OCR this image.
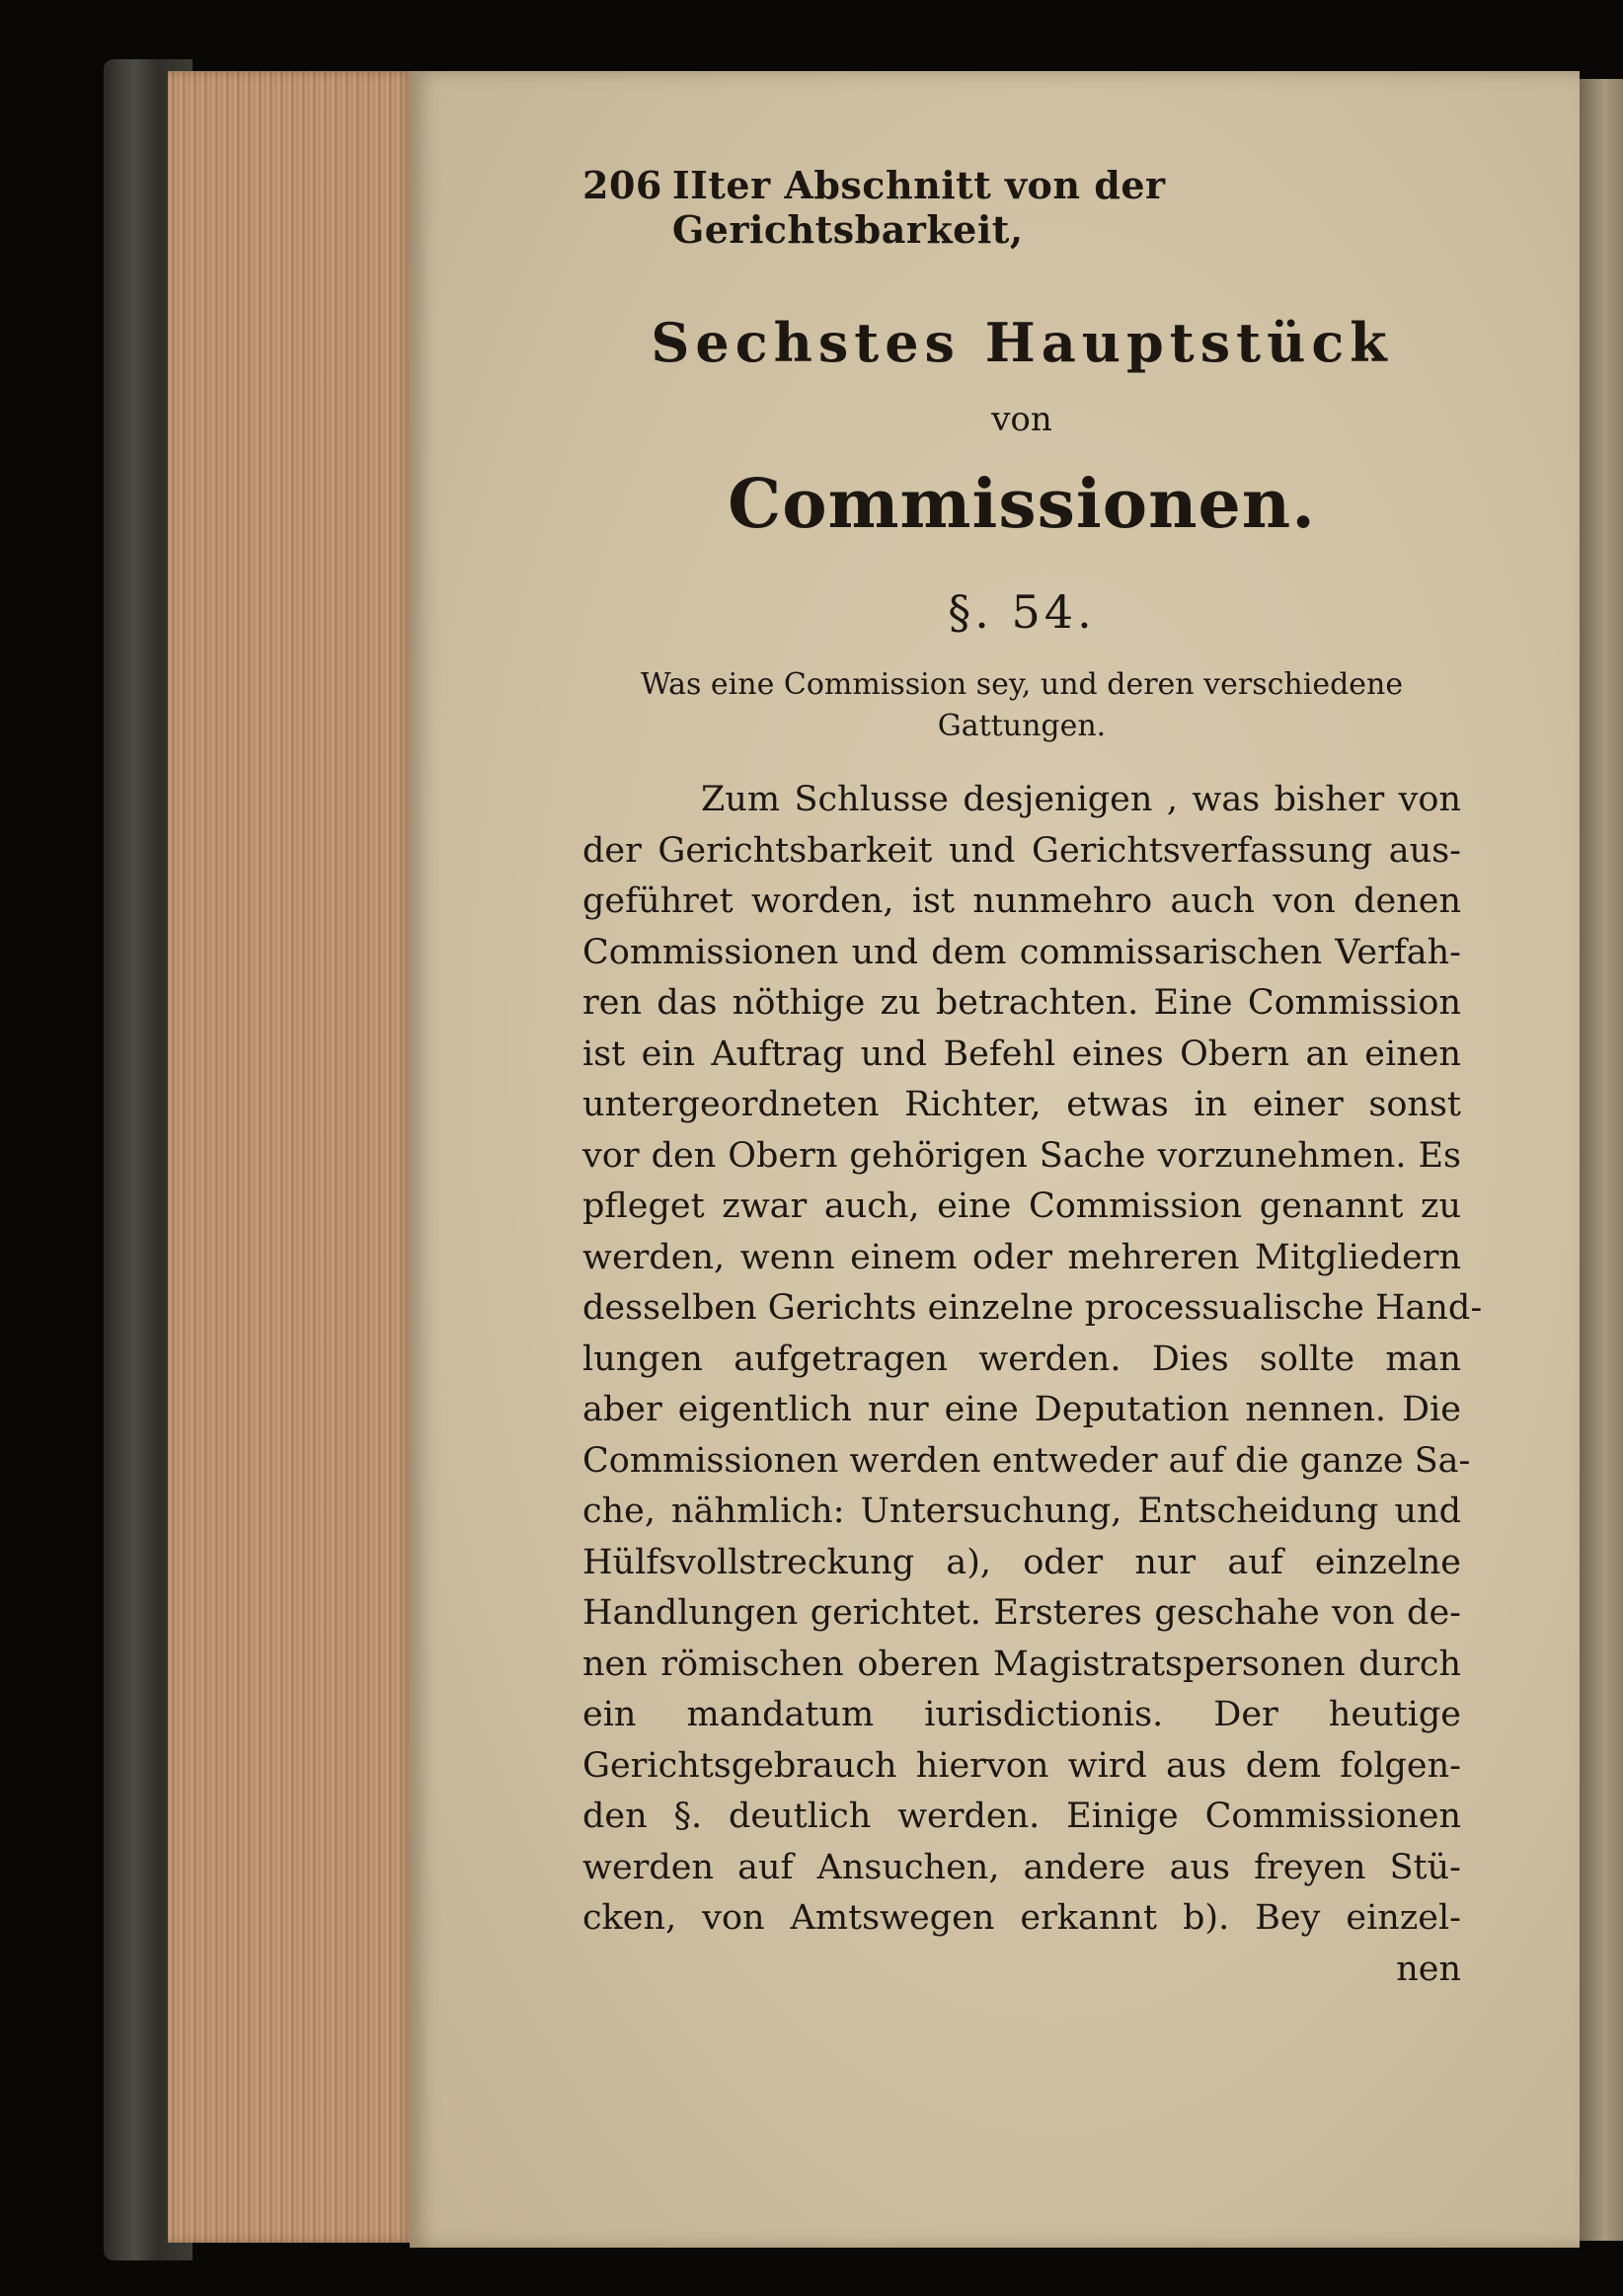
206 IIter Abschnitt von der Gerichtsbarkeit,
Sechstes Hauptstück
von
Commissionen.
§. 54.
Was eine Commission sey, und deren verschiedene Gattungen.
Zum Schlusse desjenigen , was bisher von
der Gerichtsbarkeit und Gerichtsverfassung aus-
geführet worden, ist nunmehro auch von denen
Commissionen und dem commissarischen Verfah-
ren das nöthige zu betrachten. Eine Commission
ist ein Auftrag und Befehl eines Obern an einen
untergeordneten Richter, etwas in einer sonst
vor den Obern gehörigen Sache vorzunehmen. Es
pfleget zwar auch, eine Commission genannt zu
werden, wenn einem oder mehreren Mitgliedern
desselben Gerichts einzelne processualische Hand-
lungen aufgetragen werden. Dies sollte man
aber eigentlich nur eine Deputation nennen. Die
Commissionen werden entweder auf die ganze Sa-
che, nähmlich: Untersuchung, Entscheidung und
Hülfsvollstreckung a), oder nur auf einzelne
Handlungen gerichtet. Ersteres geschahe von de-
nen römischen oberen Magistratspersonen durch
ein mandatum iurisdictionis. Der heutige
Gerichtsgebrauch hiervon wird aus dem folgen-
den §. deutlich werden. Einige Commissionen
werden auf Ansuchen, andere aus freyen Stü-
cken, von Amtswegen erkannt b). Bey einzel-
nen
